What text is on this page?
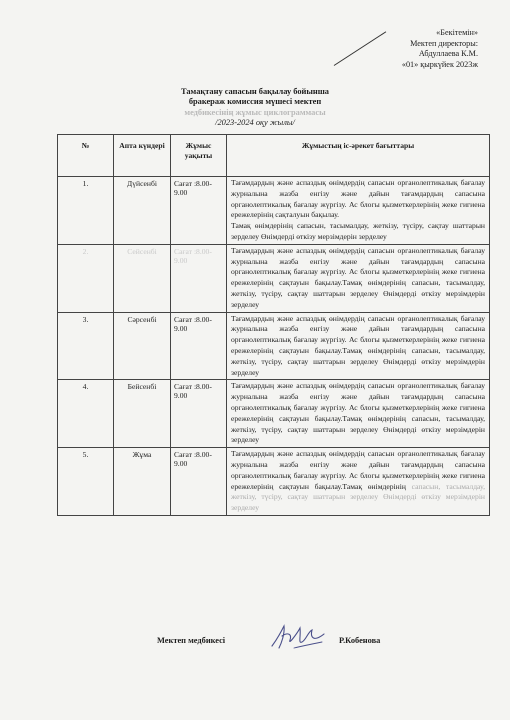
«Бекітемін»
Мектеп директоры:
Абдуллаева К.М.
«01» қыркүйек 2023ж
Тамақтану сапасын бақылау бойынша
бракераж комиссия мүшесі мектеп
медбикесінің жұмыс циклограммасы
/2023-2024 оқу жылы/
№	Апта күндері	Жұмыс уақыты	Жұмыстың іс-әрекет бағыттары
1.	Дүйсенбі	Сағат :8.00-9.00	Тағамдардың және аспаздық өнімдердің сапасын органолептикалық бағалау журналына жазба енгізу және дайын тағамдардың сапасына органолептикалық бағалау жүргізу. Ас блогы қызметкерлерінің жеке гигиена ережелерінің сақталуын бақылау.
Тамақ өнімдерінің сапасын, тасымалдау, жеткізу, түсіру, сақтау шаттарын зерделеу Өнімдерді өткізу мерзімдерін зерделеу

2.	Сейсенбі	Сағат :8.00-9.00	Тағамдардың және аспаздық өнімдердің сапасын органолептикалық бағалау журналына жазба енгізу және дайын тағамдардың сапасына органолептикалық бағалау жүргізу. Ас блогы қызметкерлерінің жеке гигиена ережелерінің сақтауын бақылау.Тамақ өнімдерінің сапасын, тасымалдау, жеткізу, түсіру, сақтау шаттарын зерделеу Өнімдерді өткізу мерзімдерін зерделеу
3.	Сәрсенбі	Сағат :8.00-9.00	Тағамдардың және аспаздық өнімдердің сапасын органолептикалық бағалау журналына жазба енгізу және дайын тағамдардың сапасына органолептикалық бағалау жүргізу. Ас блогы қызметкерлерінің жеке гигиена ережелерінің сақтауын бақылау.Тамақ өнімдерінің сапасын, тасымалдау, жеткізу, түсіру, сақтау шаттарын зерделеу Өнімдерді өткізу мерзімдерін зерделеу
4.	Бейсенбі	Сағат :8.00-9.00	Тағамдардың және аспаздық өнімдердің сапасын органолептикалық бағалау журналына жазба енгізу және дайын тағамдардың сапасына органолептикалық бағалау жүргізу. Ас блогы қызметкерлерінің жеке гигиена ережелерінің сақтауын бақылау.Тамақ өнімдерінің сапасын, тасымалдау, жеткізу, түсіру, сақтау шаттарын зерделеу Өнімдерді өткізу мерзімдерін зерделеу
5.	Жұма	Сағат :8.00-9.00	Тағамдардың және аспаздық өнімдердің сапасын органолептикалық бағалау журналына жазба енгізу және дайын тағамдардың сапасына органолептикалық бағалау жүргізу. Ас блогы қызметкерлерінің жеке гигиена ережелерінің сақтауын бақылау.Тамақ өнімдерінің сапасын, тасымалдау, жеткізу, түсіру, сақтау шаттарын зерделеу Өнімдерді өткізу мерзімдерін зерделеу
Мектеп медбикесі	Р.Кобенова
